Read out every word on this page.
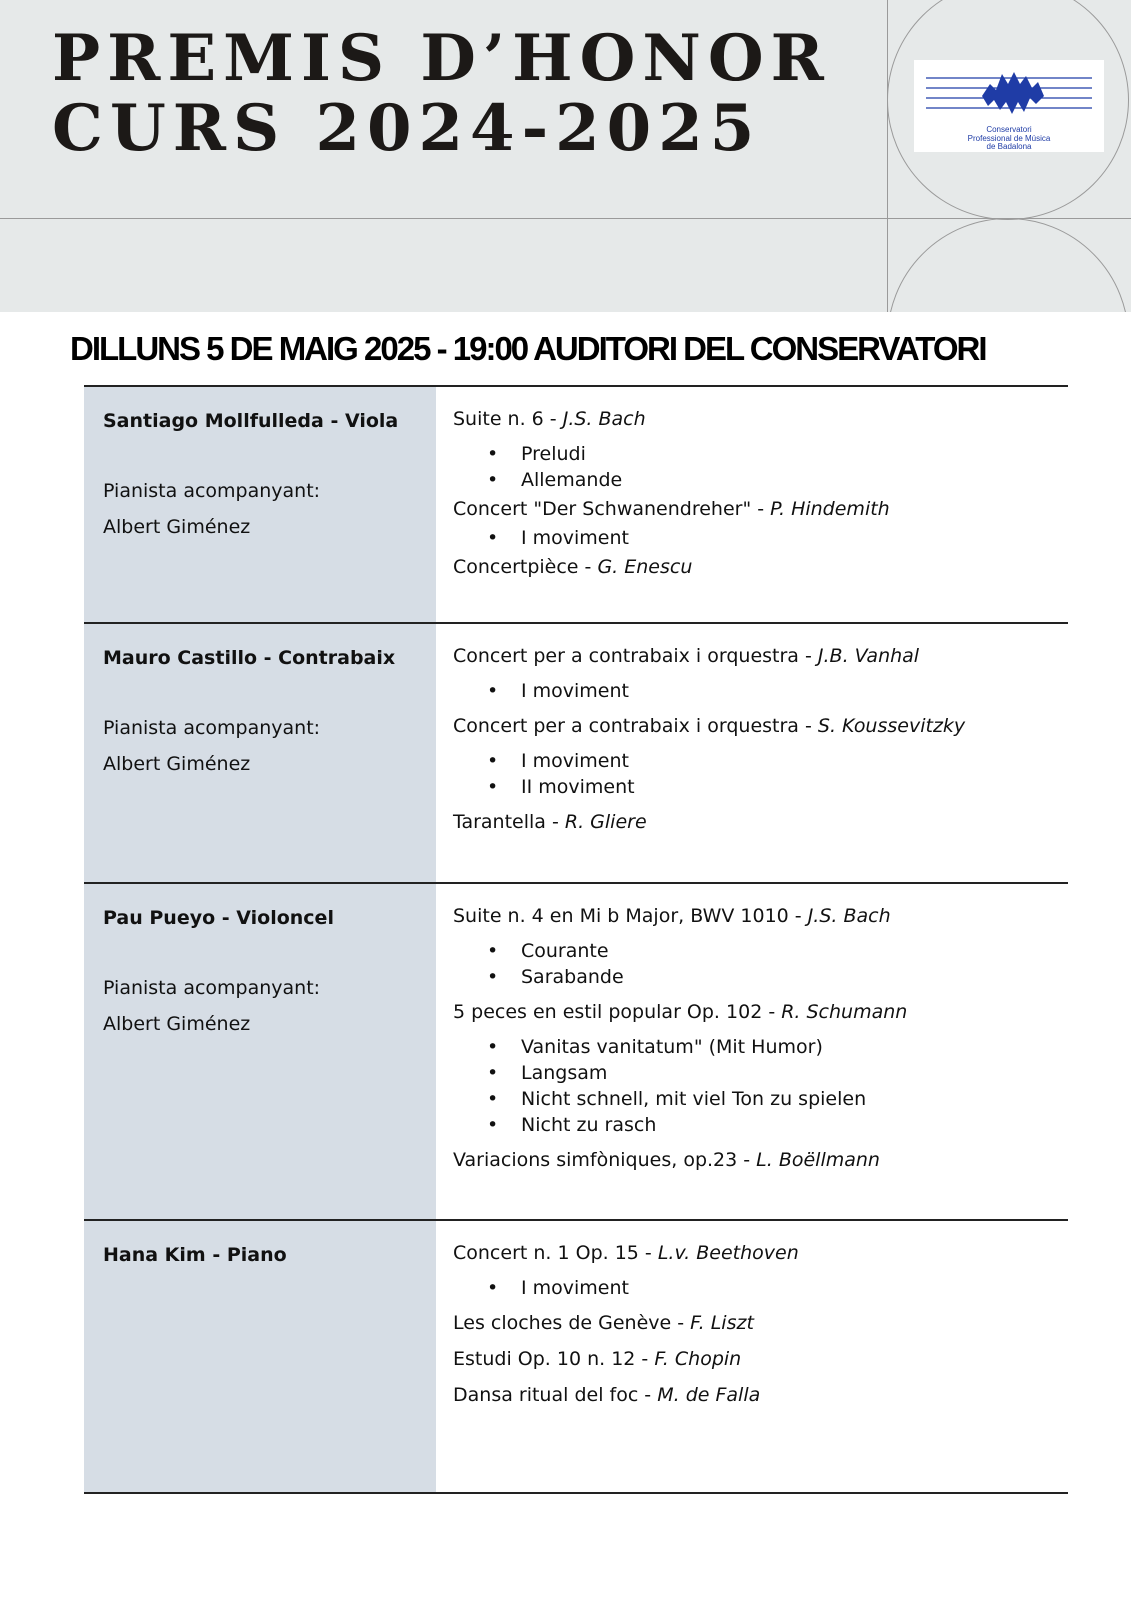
PREMIS D’HONOR
CURS 2024-2025	Conservatori
Professional de Música
de Badalona
DILLUNS 5 DE MAIG 2025 - 19:00 AUDITORI DEL CONSERVATORI

Santiago Mollfulleda - Viola

Pianista acompanyant:
Albert Giménez
Suite n. 6 - J.S. Bach
• Preludi
• Allemande
Concert "Der Schwanendreher" - P. Hindemith
• I moviment
Concertpièce - G. Enescu

Mauro Castillo - Contrabaix

Pianista acompanyant:
Albert Giménez
Concert per a contrabaix i orquestra - J.B. Vanhal
• I moviment
Concert per a contrabaix i orquestra - S. Koussevitzky
• I moviment
• II moviment
Tarantella - R. Gliere

Pau Pueyo - Violoncel

Pianista acompanyant:
Albert Giménez
Suite n. 4 en Mi b Major, BWV 1010 - J.S. Bach
• Courante
• Sarabande
5 peces en estil popular Op. 102 - R. Schumann
• Vanitas vanitatum" (Mit Humor)
• Langsam
• Nicht schnell, mit viel Ton zu spielen
• Nicht zu rasch
Variacions simfòniques, op.23 - L. Boëllmann

Hana Kim - Piano	Concert n. 1 Op. 15 - L.v. Beethoven
• I moviment
Les cloches de Genève - F. Liszt
Estudi Op. 10 n. 12 - F. Chopin
Dansa ritual del foc - M. de Falla
